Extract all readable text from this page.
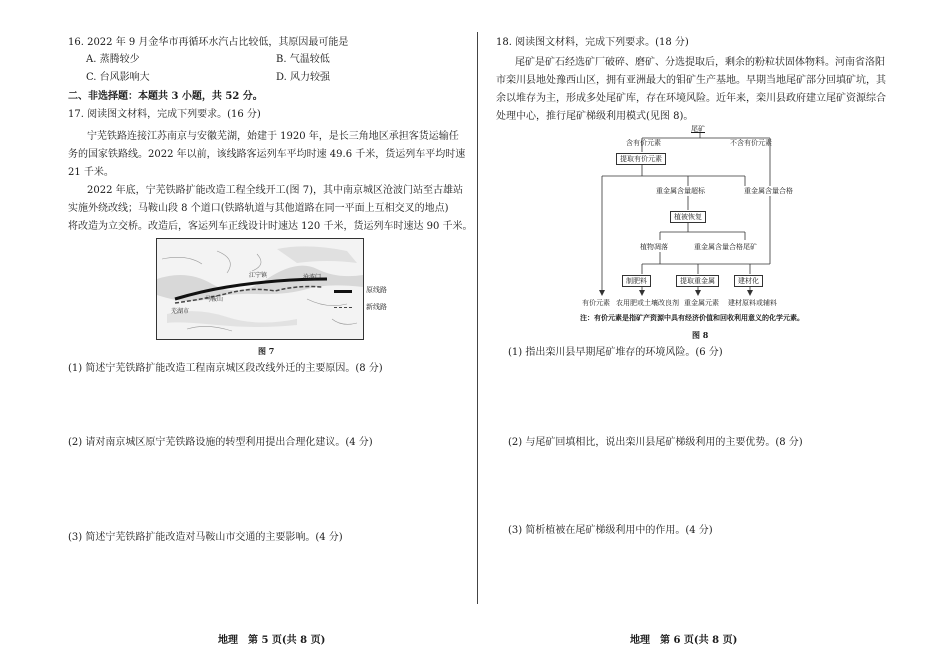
16. 2022 年 9 月金华市再循环水汽占比较低，其原因最可能是
A. 蒸腾较少	B. 气温较低
C. 台风影响大	D. 风力较强
二、非选择题：本题共 3 小题，共 52 分。
17. 阅读图文材料，完成下列要求。(16 分)
宁芜铁路连接江苏南京与安徽芜湖，始建于 1920 年，是长三角地区承担客货运输任
务的国家铁路线。2022 年以前，该线路客运列车平均时速 49.6 千米，货运列车平均时速
21 千米。
2022 年底，宁芜铁路扩能改造工程全线开工(图 7)，其中南京城区沧波门站至古雄站
实施外绕改线；马鞍山段 8 个道口(铁路轨道与其他道路在同一平面上互相交叉的地点)
将改造为立交桥。改造后，客运列车正线设计时速达 120 千米，货运列车时速达 90 千米。
沧波门
江宁镇
马鞍山
芜湖市
原线路
新线路
图 7
(1) 简述宁芜铁路扩能改造工程南京城区段改线外迁的主要原因。(8 分)
(2) 请对南京城区原宁芜铁路设施的转型利用提出合理化建议。(4 分)
(3) 简述宁芜铁路扩能改造对马鞍山市交通的主要影响。(4 分)
地理　第 5 页(共 8 页)
18. 阅读图文材料，完成下列要求。(18 分)
尾矿是矿石经选矿厂破碎、磨矿、分选提取后，剩余的粉粒状固体物料。河南省洛阳
市栾川县地处豫西山区，拥有亚洲最大的钼矿生产基地。早期当地尾矿部分回填矿坑，其
余以堆存为主，形成多处尾矿库，存在环境风险。近年来，栾川县政府建立尾矿资源综合
处理中心，推行尾矿梯级利用模式(见图 8)。
尾矿
含有价元素	不含有价元素
提取有价元素
重金属含量超标	重金属含量合格
植被恢复
植物凋落	重金属含量合格尾矿
制肥料	提取重金属	建材化
有价元素 农用肥或土壤改良剂 重金属元素 建材原料或辅料
注：有价元素是指矿产资源中具有经济价值和回收利用意义的化学元素。
图 8
(1) 指出栾川县早期尾矿堆存的环境风险。(6 分)
(2) 与尾矿回填相比，说出栾川县尾矿梯级利用的主要优势。(8 分)
(3) 简析植被在尾矿梯级利用中的作用。(4 分)
地理　第 6 页(共 8 页)
